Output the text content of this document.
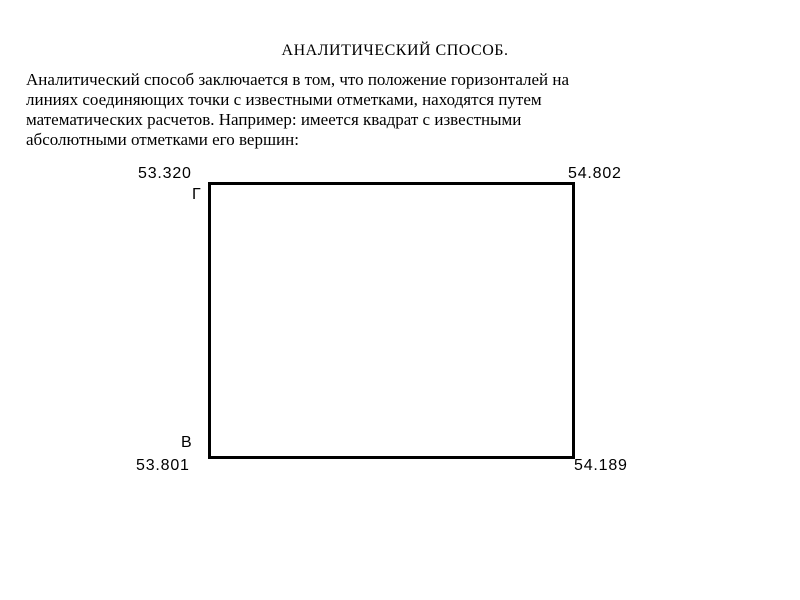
АНАЛИТИЧЕСКИЙ СПОСОБ.
Аналитический способ заключается в том, что положение горизонталей на
линиях соединяющих точки с известными отметками, находятся путем
математических расчетов. Например: имеется квадрат с известными
абсолютными отметками его вершин:
53.320
Г
54.802
В
53.801	54.189
